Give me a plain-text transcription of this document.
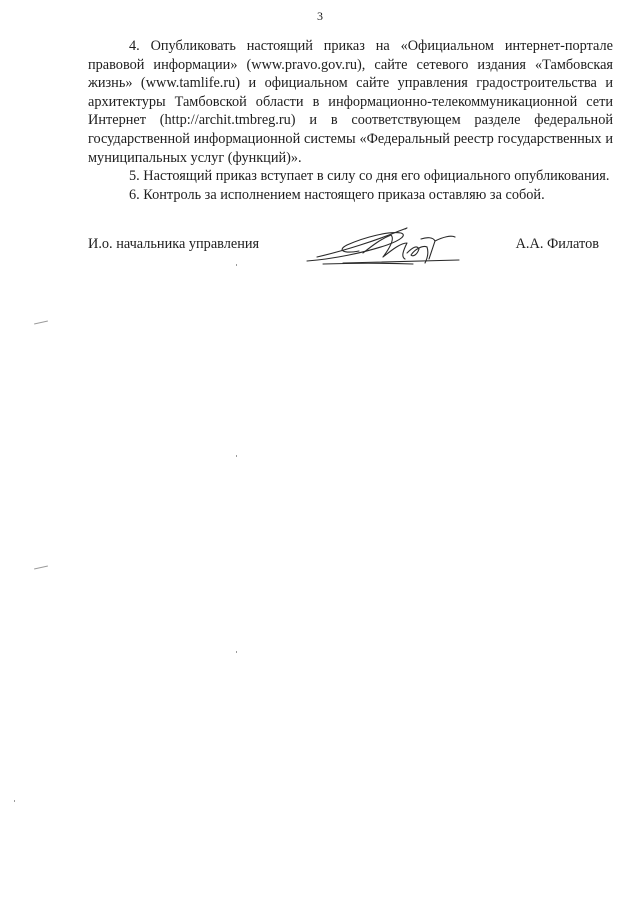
3

4. Опубликовать настоящий приказ на «Официальном интернет-портале правовой информации» (www.pravo.gov.ru), сайте сетевого издания «Тамбовская жизнь» (www.tamlife.ru) и официальном сайте управления градостроительства и архитектуры Тамбовской области в информационно-телекоммуникационной сети Интернет (http://archit.tmbreg.ru) и в соответствующем разделе федеральной государственной информационной системы «Федеральный реестр государственных и муниципальных услуг (функций)».

5. Настоящий приказ вступает в силу со дня его официального опубликования.

6. Контроль за исполнением настоящего приказа оставляю за собой.

И.о. начальника управления	А.А. Филатов
